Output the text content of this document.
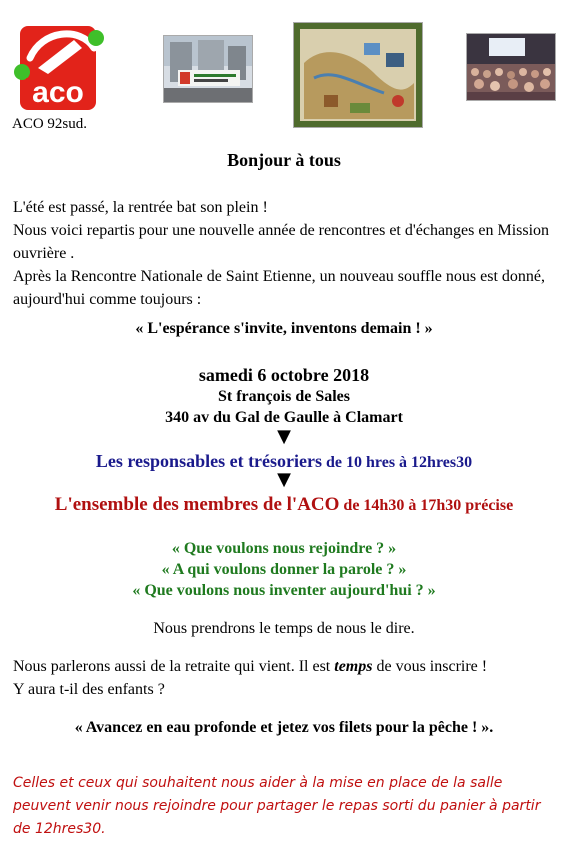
aco
ACO 92sud.
Bonjour à tous

L'été est passé, la rentrée bat son plein !

Nous voici repartis pour une nouvelle année de rencontres et d'échanges en Mission ouvrière .

Après la Rencontre Nationale de Saint Etienne, un nouveau souffle nous est donné, aujourd'hui comme toujours :

« L'espérance s'invite, inventons demain ! »
samedi 6 octobre 2018
St françois de Sales
340 av du Gal de Gaulle à Clamart
▼
Les responsables et trésoriers de 10 hres à 12hres30
▼
L'ensemble des membres de l'ACO de 14h30 à 17h30 précise
« Que voulons nous rejoindre ? »
« A qui voulons donner la parole ? »
« Que voulons nous inventer aujourd'hui ? »
Nous prendrons le temps de nous le dire.

Nous parlerons aussi de la retraite qui vient. Il est temps de vous inscrire !

Y aura t-il des enfants ?

« Avancez en eau profonde et jetez vos filets pour la pêche ! ».
Celles et ceux qui souhaitent nous aider à la mise en place de la salle peuvent venir nous rejoindre pour partager le repas sorti du panier à partir de 12hres30.
